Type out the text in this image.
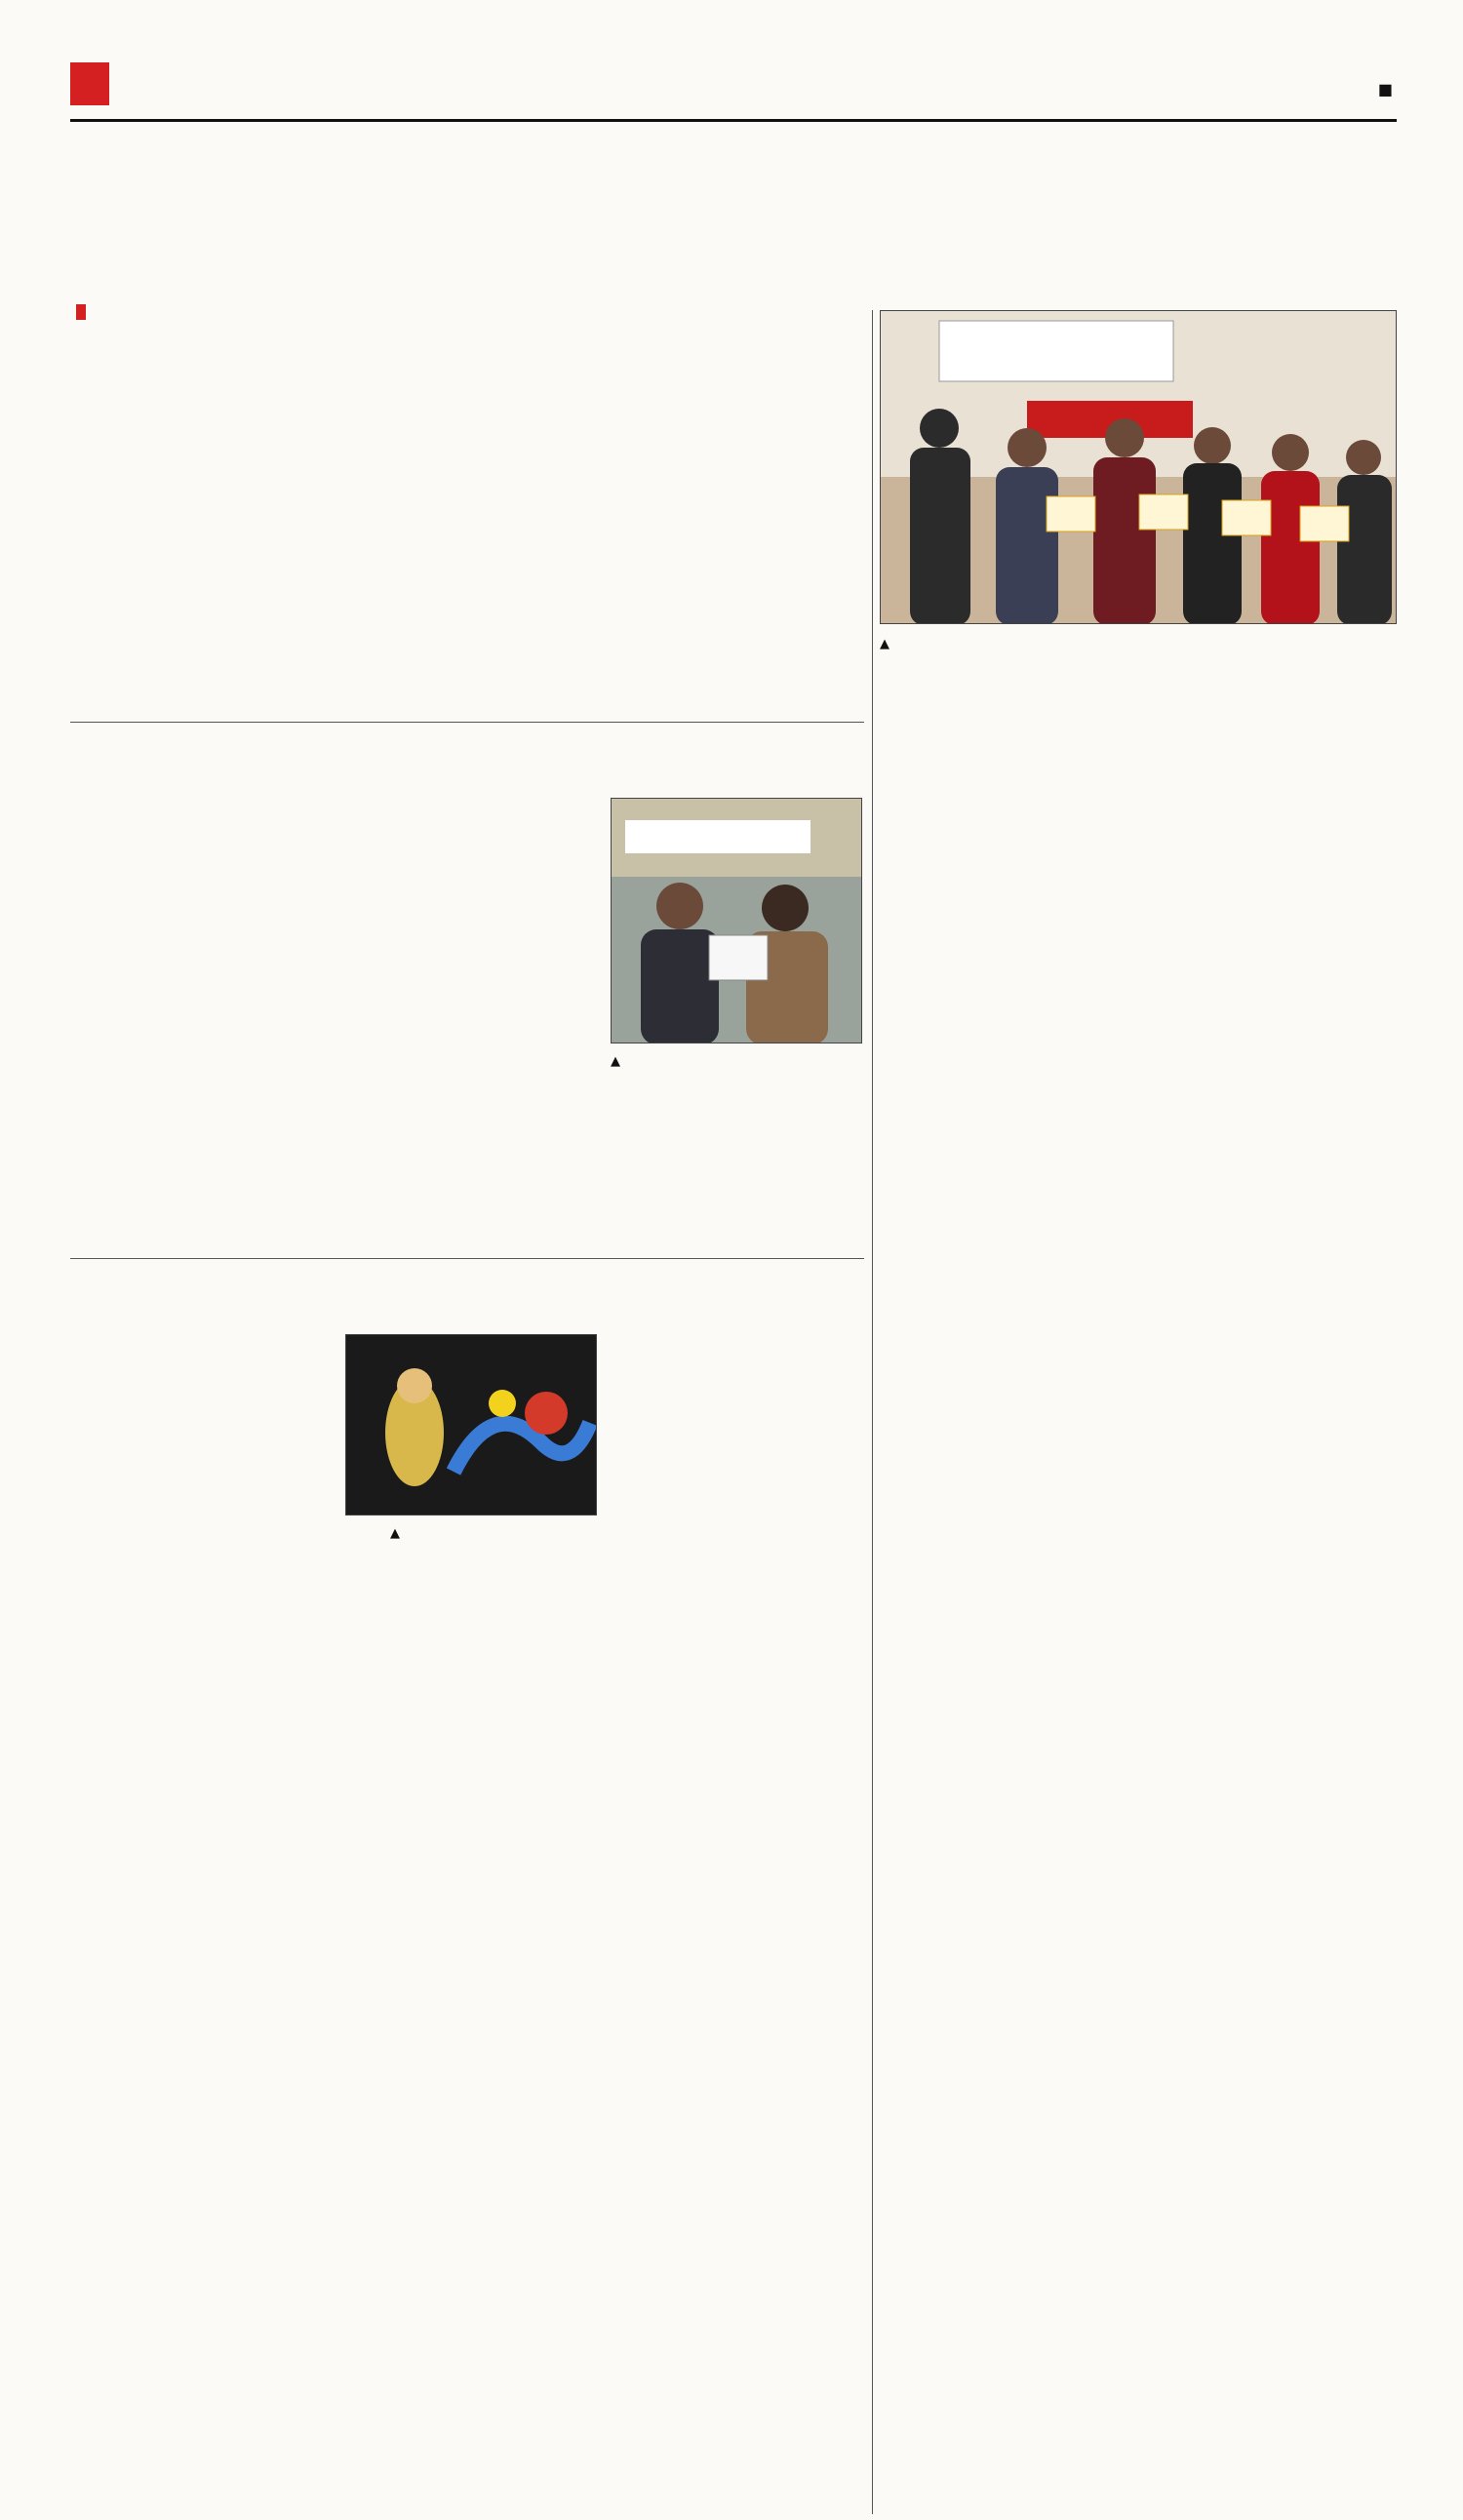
■
▲
▲
▲
